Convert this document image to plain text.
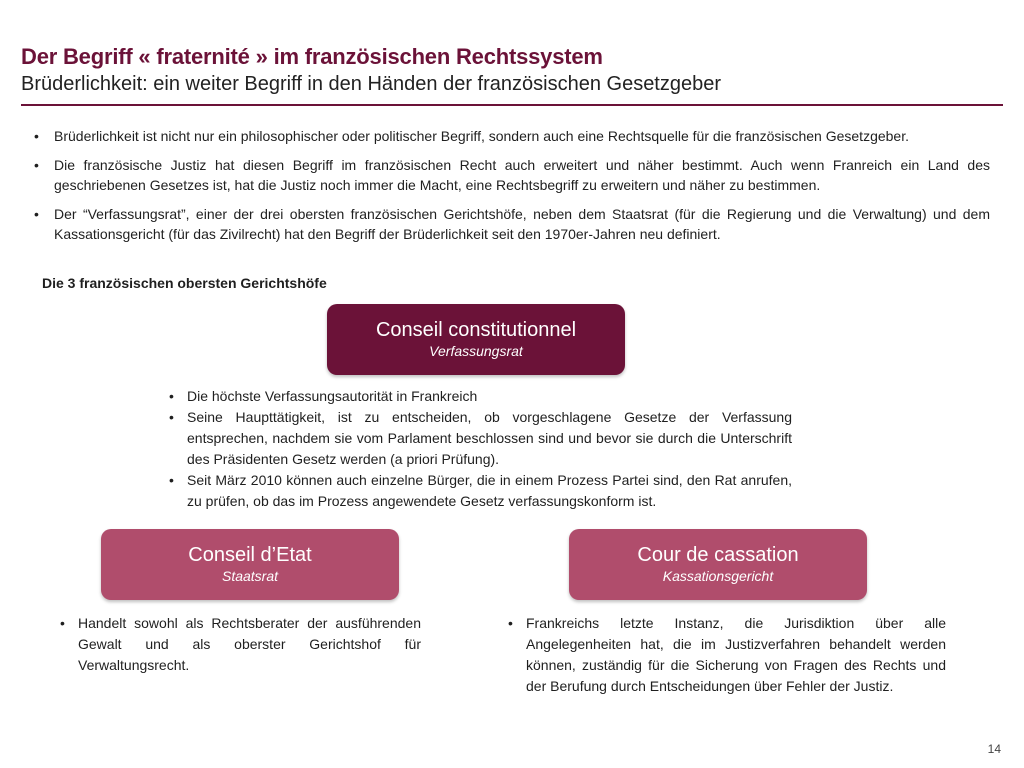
Der Begriff « fraternité » im französischen Rechtssystem
Brüderlichkeit: ein weiter Begriff in den Händen der französischen Gesetzgeber
• Brüderlichkeit ist nicht nur ein philosophischer oder politischer Begriff, sondern auch eine Rechtsquelle für die französischen Gesetzgeber.
• Die französische Justiz hat diesen Begriff im französischen Recht auch erweitert und näher bestimmt. Auch wenn Franreich ein Land des geschriebenen Gesetzes ist, hat die Justiz noch immer die Macht, eine Rechtsbegriff zu erweitern und näher zu bestimmen.
• Der “Verfassungsrat”, einer der drei obersten französischen Gerichtshöfe, neben dem Staatsrat (für die Regierung und die Verwaltung) und dem Kassationsgericht (für das Zivilrecht) hat den Begriff der Brüderlichkeit seit den 1970er-Jahren neu definiert.
Die 3 französischen obersten Gerichtshöfe
Conseil constitutionnel
Verfassungsrat
• Die höchste Verfassungsautorität in Frankreich
• Seine Haupttätigkeit, ist zu entscheiden, ob vorgeschlagene Gesetze der Verfassung entsprechen, nachdem sie vom Parlament beschlossen sind und bevor sie durch die Unterschrift des Präsidenten Gesetz werden (a priori Prüfung).
• Seit März 2010 können auch einzelne Bürger, die in einem Prozess Partei sind, den Rat anrufen, zu prüfen, ob das im Prozess angewendete Gesetz verfassungskonform ist.
Conseil d’Etat
Staatsrat
Cour de cassation
Kassationsgericht
• Handelt sowohl als Rechtsberater der ausführenden Gewalt und als oberster Gerichtshof für Verwaltungsrecht.
• Frankreichs letzte Instanz, die Jurisdiktion über alle Angelegenheiten hat, die im Justizverfahren behandelt werden können, zuständig für die Sicherung von Fragen des Rechts und der Berufung durch Entscheidungen über Fehler der Justiz.
14
